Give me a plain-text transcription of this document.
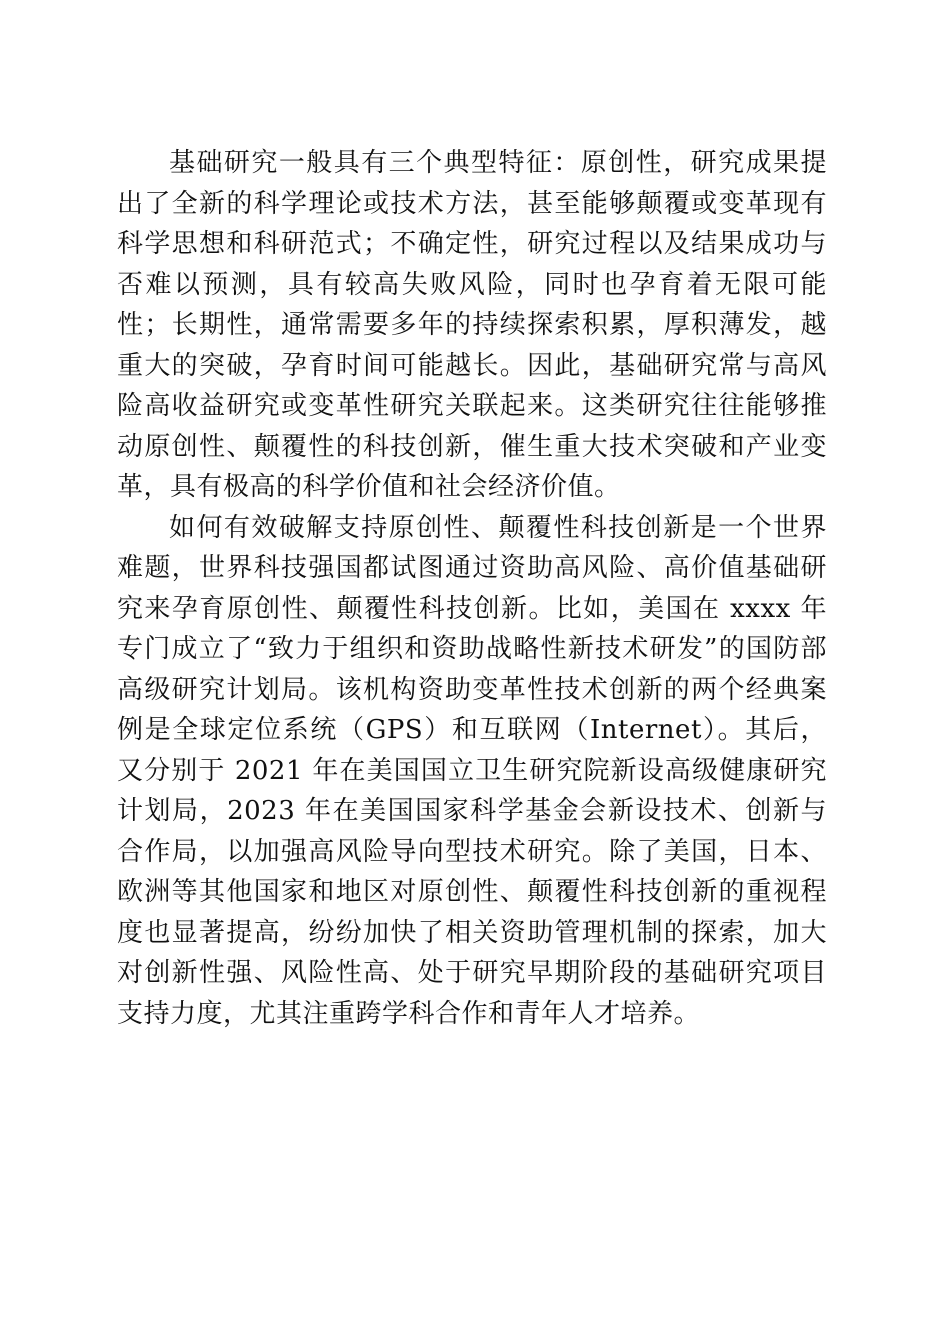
基础研究一般具有三个典型特征：原创性，研究成果提出了全新的科学理论或技术方法，甚至能够颠覆或变革现有科学思想和科研范式；不确定性，研究过程以及结果成功与否难以预测，具有较高失败风险，同时也孕育着无限可能性；长期性，通常需要多年的持续探索积累，厚积薄发，越重大的突破，孕育时间可能越长。因此，基础研究常与高风险高收益研究或变革性研究关联起来。这类研究往往能够推动原创性、颠覆性的科技创新，催生重大技术突破和产业变革，具有极高的科学价值和社会经济价值。

如何有效破解支持原创性、颠覆性科技创新是一个世界难题，世界科技强国都试图通过资助高风险、高价值基础研究来孕育原创性、颠覆性科技创新。比如，美国在 xxxx 年专门成立了“致力于组织和资助战略性新技术研发”的国防部高级研究计划局。该机构资助变革性技术创新的两个经典案例是全球定位系统（GPS）和互联网（Internet）。其后，又分别于 2021 年在美国国立卫生研究院新设高级健康研究计划局，2023 年在美国国家科学基金会新设技术、创新与合作局，以加强高风险导向型技术研究。除了美国，日本、欧洲等其他国家和地区对原创性、颠覆性科技创新的重视程度也显著提高，纷纷加快了相关资助管理机制的探索，加大对创新性强、风险性高、处于研究早期阶段的基础研究项目支持力度，尤其注重跨学科合作和青年人才培养。
